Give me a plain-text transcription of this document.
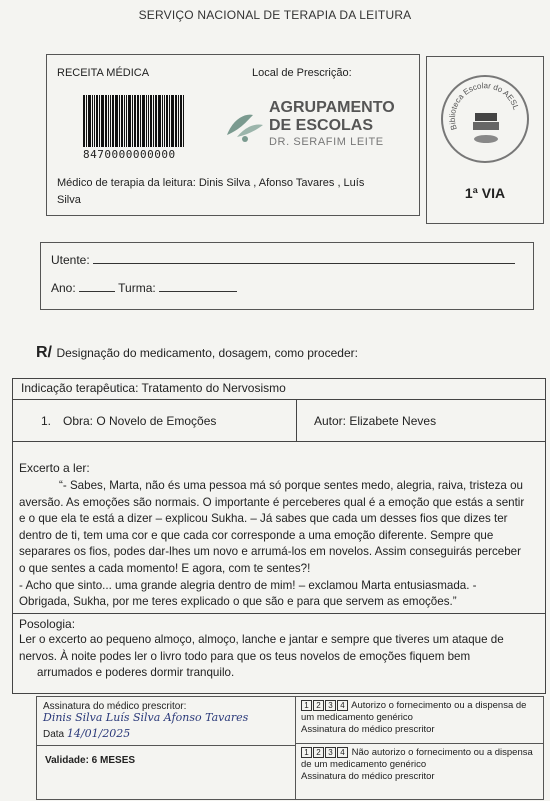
SERVIÇO NACIONAL DE TERAPIA DA LEITURA
RECEITA MÉDICA	Local de Prescrição:
8470000000000
AGRUPAMENTO
DE ESCOLAS
DR. SERAFIM LEITE
Médico de terapia da leitura: Dinis Silva , Afonso Tavares , Luís
Silva
Biblioteca Escolar do AESL
1ª VIA
Utente:
Ano:	Turma:
R/ Designação do medicamento, dosagem, como proceder:
Indicação terapêutica: Tratamento do Nervosismo
1. Obra: O Novelo de Emoções	Autor: Elizabete Neves
Excerto a ler:
“- Sabes, Marta, não és uma pessoa má só porque sentes medo, alegria, raiva, tristeza ou
aversão. As emoções são normais. O importante é perceberes qual é a emoção que estás a sentir
e o que ela te está a dizer – explicou Sukha. – Já sabes que cada um desses fios que dizes ter
dentro de ti, tem uma cor e que cada cor corresponde a uma emoção diferente. Sempre que
separares os fios, podes dar-lhes um novo e arrumá-los em novelos. Assim conseguirás perceber
o que sentes a cada momento! E agora, com te sentes?!
- Acho que sinto... uma grande alegria dentro de mim! – exclamou Marta entusiasmada. -
Obrigada, Sukha, por me teres explicado o que são e para que servem as emoções.”
Posologia:
Ler o excerto ao pequeno almoço, almoço, lanche e jantar e sempre que tiveres um ataque de
nervos. À noite podes ler o livro todo para que os teus novelos de emoções fiquem bem
arrumados e poderes dormir tranquilo.
Assinatura do médico prescritor:
Dinis Silva Luís Silva Afonso Tavares
Data 14/01/2025
Validade: 6 MESES
1 2 3 4 Autorizo o fornecimento ou a dispensa de
um medicamento genérico
Assinatura do médico prescritor
1 2 3 4 Não autorizo o fornecimento ou a dispensa
de um medicamento genérico
Assinatura do médico prescritor
